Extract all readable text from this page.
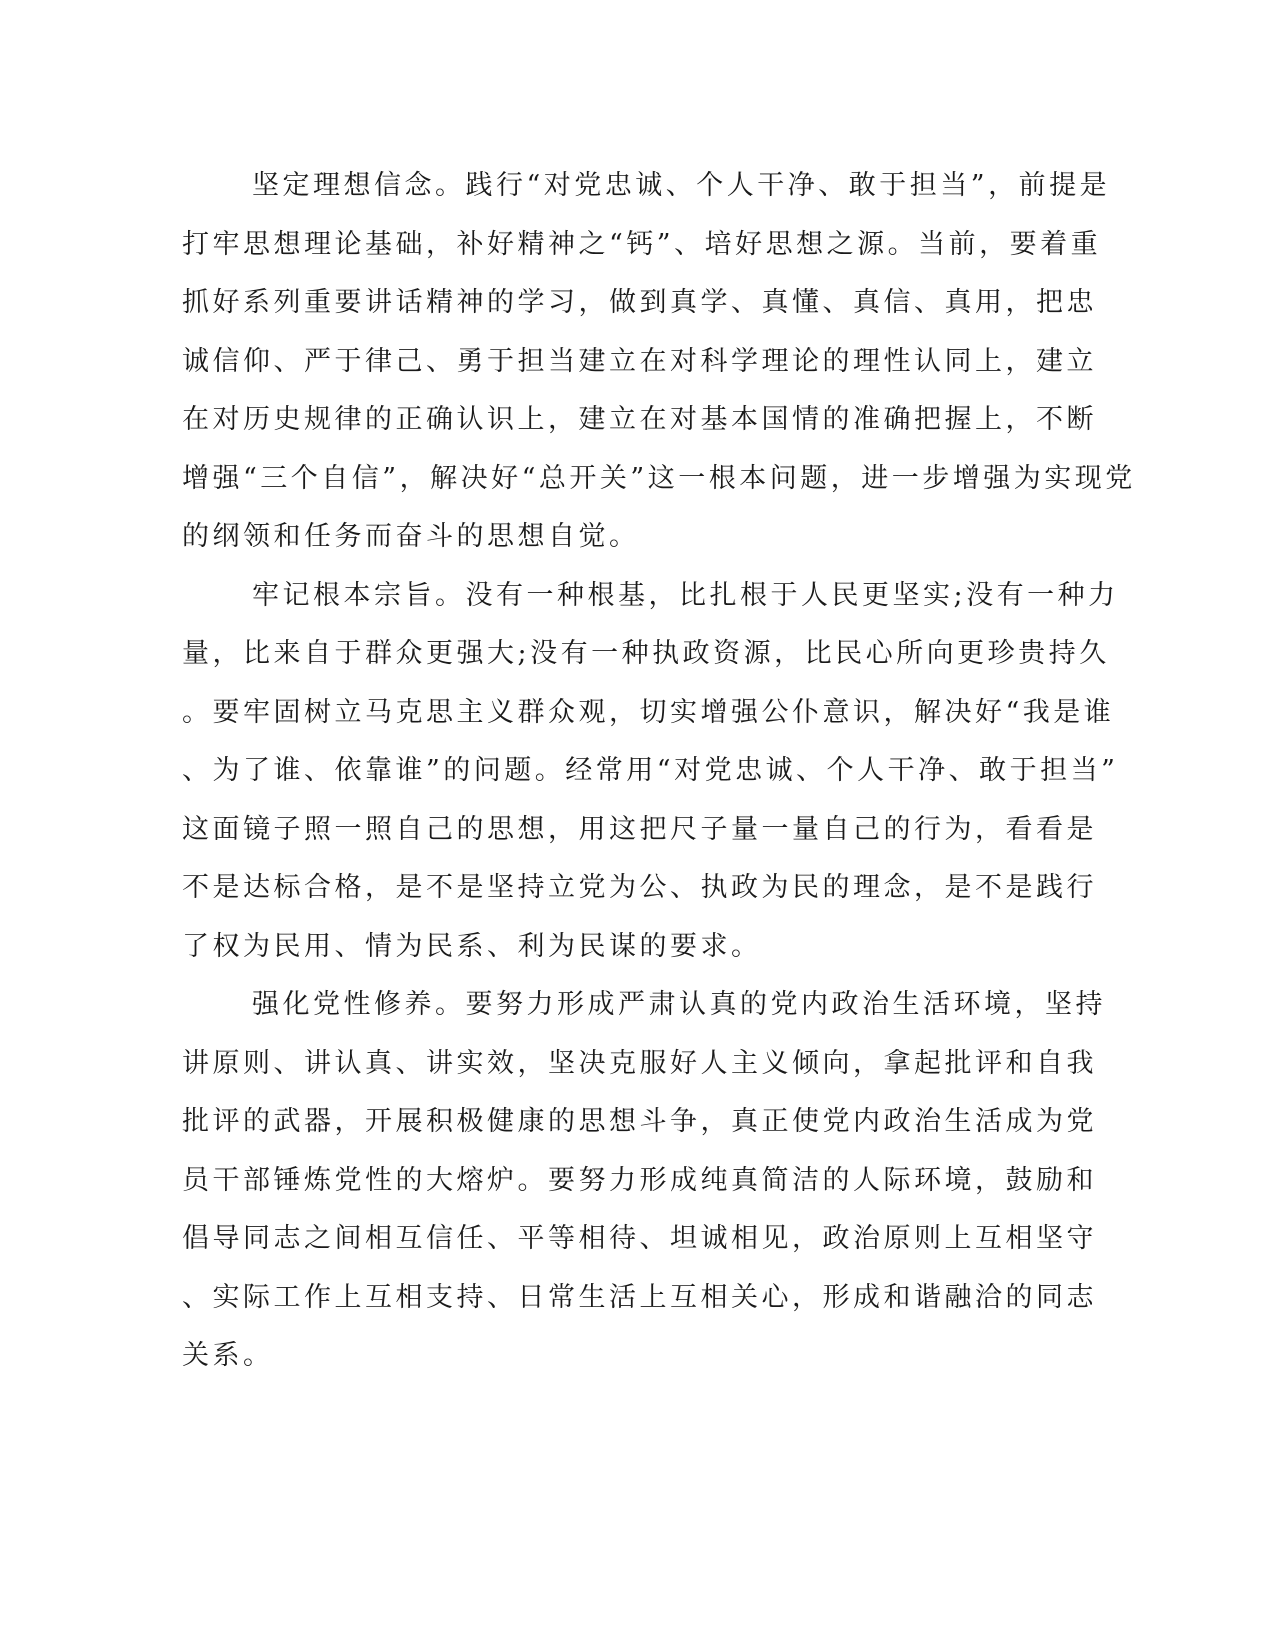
坚定理想信念。践行“对党忠诚、个人干净、敢于担当”，前提是
打牢思想理论基础，补好精神之“钙”、培好思想之源。当前，要着重
抓好系列重要讲话精神的学习，做到真学、真懂、真信、真用，把忠
诚信仰、严于律己、勇于担当建立在对科学理论的理性认同上，建立
在对历史规律的正确认识上，建立在对基本国情的准确把握上，不断
增强“三个自信”，解决好“总开关”这一根本问题，进一步增强为实现党
的纲领和任务而奋斗的思想自觉。
牢记根本宗旨。没有一种根基，比扎根于人民更坚实;没有一种力
量，比来自于群众更强大;没有一种执政资源，比民心所向更珍贵持久
。要牢固树立马克思主义群众观，切实增强公仆意识，解决好“我是谁
、为了谁、依靠谁”的问题。经常用“对党忠诚、个人干净、敢于担当”
这面镜子照一照自己的思想，用这把尺子量一量自己的行为，看看是
不是达标合格，是不是坚持立党为公、执政为民的理念，是不是践行
了权为民用、情为民系、利为民谋的要求。
强化党性修养。要努力形成严肃认真的党内政治生活环境，坚持
讲原则、讲认真、讲实效，坚决克服好人主义倾向，拿起批评和自我
批评的武器，开展积极健康的思想斗争，真正使党内政治生活成为党
员干部锤炼党性的大熔炉。要努力形成纯真简洁的人际环境，鼓励和
倡导同志之间相互信任、平等相待、坦诚相见，政治原则上互相坚守
、实际工作上互相支持、日常生活上互相关心，形成和谐融洽的同志
关系。
